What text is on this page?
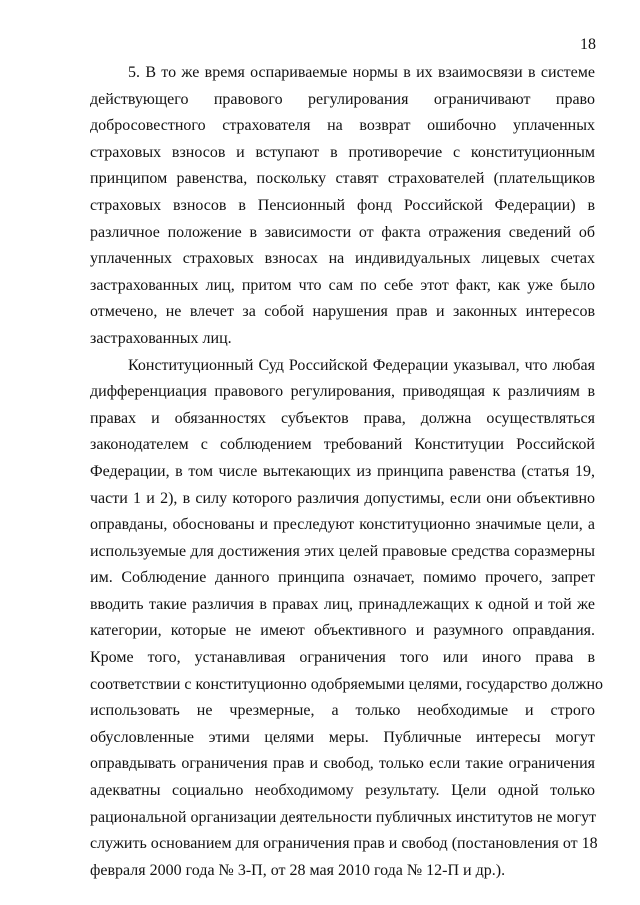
18
5. В то же время оспариваемые нормы в их взаимосвязи в системе
действующего правового регулирования ограничивают право
добросовестного страхователя на возврат ошибочно уплаченных
страховых взносов и вступают в противоречие с конституционным
принципом равенства, поскольку ставят страхователей (плательщиков
страховых взносов в Пенсионный фонд Российской Федерации) в
различное положение в зависимости от факта отражения сведений об
уплаченных страховых взносах на индивидуальных лицевых счетах
застрахованных лиц, притом что сам по себе этот факт, как уже было
отмечено, не влечет за собой нарушения прав и законных интересов
застрахованных лиц.
Конституционный Суд Российской Федерации указывал, что любая
дифференциация правового регулирования, приводящая к различиям в
правах и обязанностях субъектов права, должна осуществляться
законодателем с соблюдением требований Конституции Российской
Федерации, в том числе вытекающих из принципа равенства (статья 19,
части 1 и 2), в силу которого различия допустимы, если они объективно
оправданы, обоснованы и преследуют конституционно значимые цели, а
используемые для достижения этих целей правовые средства соразмерны
им. Соблюдение данного принципа означает, помимо прочего, запрет
вводить такие различия в правах лиц, принадлежащих к одной и той же
категории, которые не имеют объективного и разумного оправдания.
Кроме того, устанавливая ограничения того или иного права в
соответствии с конституционно одобряемыми целями, государство должно
использовать не чрезмерные, а только необходимые и строго
обусловленные этими целями меры. Публичные интересы могут
оправдывать ограничения прав и свобод, только если такие ограничения
адекватны социально необходимому результату. Цели одной только
рациональной организации деятельности публичных институтов не могут
служить основанием для ограничения прав и свобод (постановления от 18
февраля 2000 года № 3-П, от 28 мая 2010 года № 12-П и др.).
